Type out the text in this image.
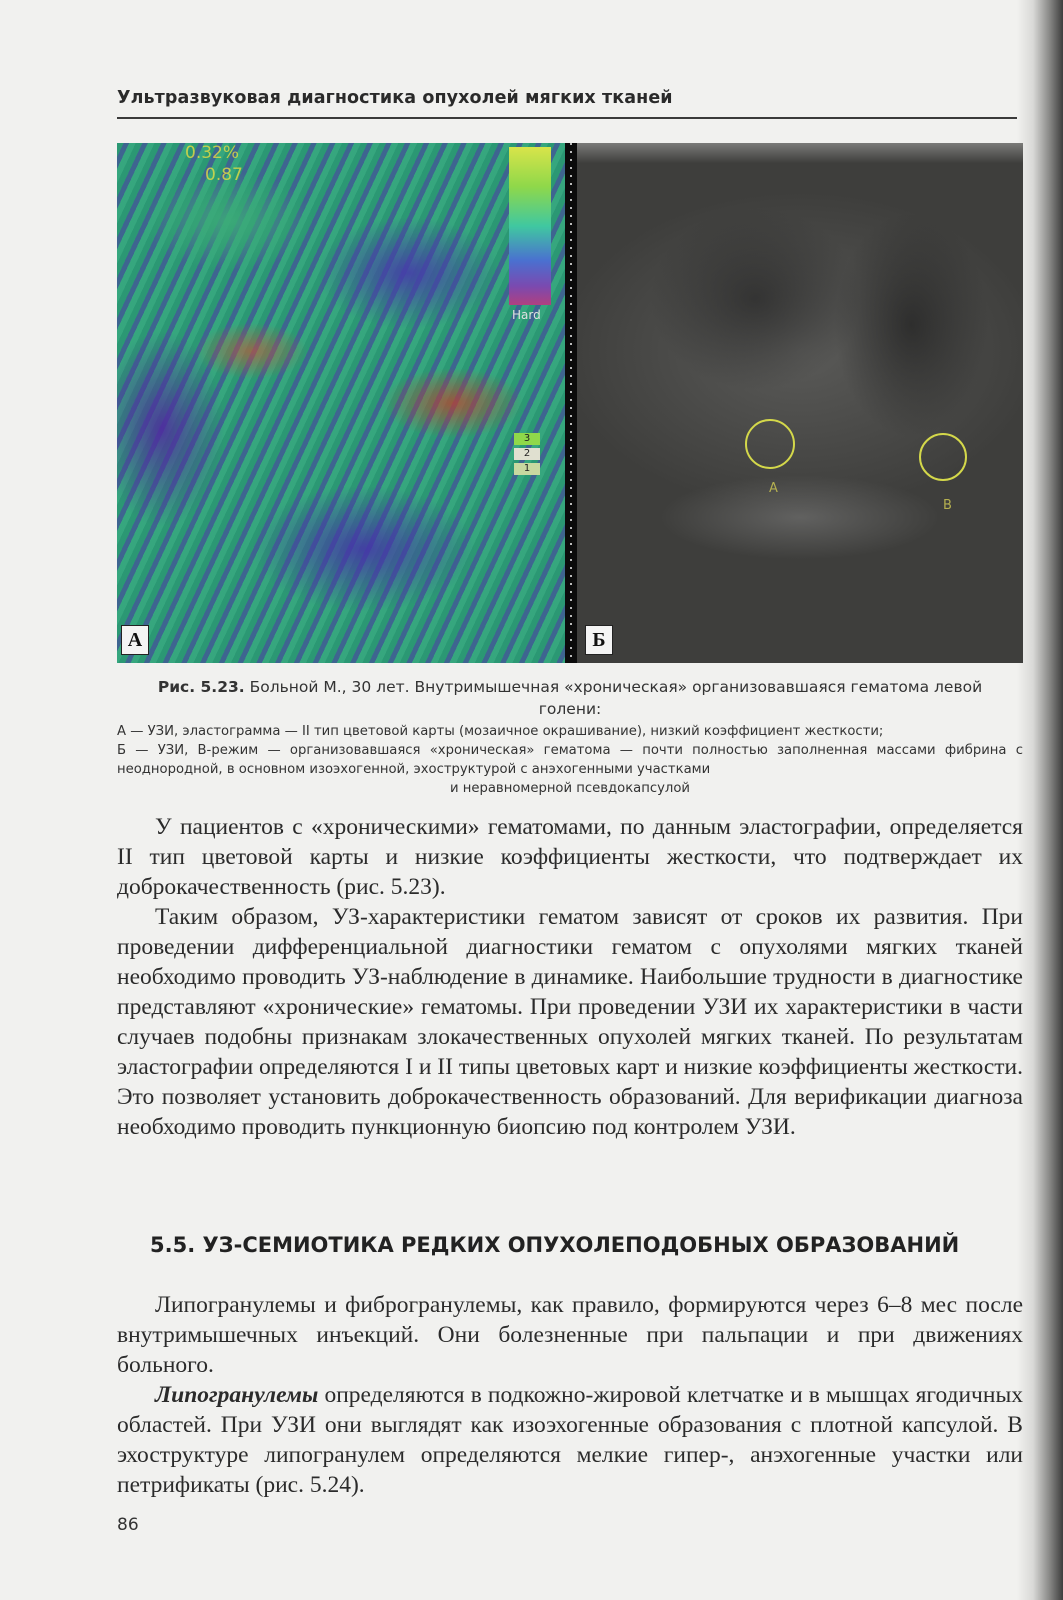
Ультразвуковая диагностика опухолей мягких тканей
0.32%
0.87
Hard
3
2
1
А
A
B
Б
Рис. 5.23. Больной М., 30 лет. Внутримышечная «хроническая» организовавшаяся гематома левой голени:

А — УЗИ, эластограмма — II тип цветовой карты (мозаичное окрашивание), низкий коэффициент жесткости;

Б — УЗИ, В-режим — организовавшаяся «хроническая» гематома — почти полностью заполненная массами фибрина с неоднородной, в основном изоэхогенной, эхоструктурой с анэхогенными участками

и неравномерной псевдокапсулой

У пациентов с «хроническими» гематомами, по данным эластографии, определяется II тип цветовой карты и низкие коэффициенты жесткости, что подтверждает их доброкачественность (рис. 5.23).

Таким образом, УЗ-характеристики гематом зависят от сроков их развития. При проведении дифференциальной диагностики гематом с опухолями мягких тканей необходимо проводить УЗ-наблюдение в динамике. Наибольшие трудности в диагностике представляют «хронические» гематомы. При проведении УЗИ их характеристики в части случаев подобны признакам злокачественных опухолей мягких тканей. По результатам эластографии определяются I и II типы цветовых карт и низкие коэффициенты жесткости. Это позволяет установить доброкачественность образований. Для верификации диагноза необходимо проводить пункционную биопсию под контролем УЗИ.

5.5. УЗ-СЕМИОТИКА РЕДКИХ ОПУХОЛЕПОДОБНЫХ ОБРАЗОВАНИЙ

Липогранулемы и фиброгранулемы, как правило, формируются через 6–8 мес после внутримышечных инъекций. Они болезненные при пальпации и при движениях больного.

Липогранулемы определяются в подкожно-жировой клетчатке и в мышцах ягодичных областей. При УЗИ они выглядят как изоэхогенные образования с плотной капсулой. В эхоструктуре липогранулем определяются мелкие гипер-, анэхогенные участки или петрификаты (рис. 5.24).

86
